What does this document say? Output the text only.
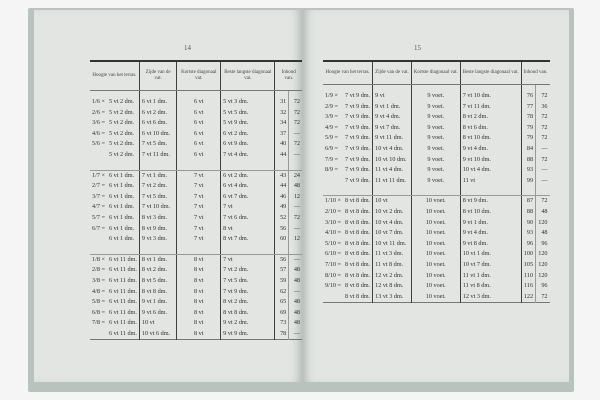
14
Hoogte van het terras.		Zijde van de vat.	Kortste diagonaal vat.	Beste langste diagonaal vat.	Inhoud van.	

1/6 ×	5 vt 2 dm.	6 vt 1 dm.	6 vt	5 vt 3 dm.	31	72
2/6 =	5 vt 2 dm.	6 vt 2 dm.	6 vt	5 vt 5 dm.	32	72
3/6 =	5 vt 2 dm.	6 vt 6 dm.	6 vt	5 vt 9 dm.	34	72
4/6 =	5 vt 2 dm.	6 vt 10 dm.	6 vt	6 vt 2 dm.	37	—
5/6 =	5 vt 2 dm.	7 vt 5 dm.	6 vt	6 vt 9 dm.	40	72
	5 vt 2 dm.	7 vt 11 dm.	6 vt	7 vt 4 dm.	44	—

1/7 ×	6 vt 1 dm.	7 vt 1 dm.	7 vt	6 vt 2 dm.	43	24
2/7 =	6 vt 1 dm.	7 vt 2 dm.	7 vt	6 vt 4 dm.	44	48
3/7 =	6 vt 1 dm.	7 vt 5 dm.	7 vt	6 vt 7 dm.	46	12
4/7 =	6 vt 1 dm.	7 vt 10 dm.	7 vt	7 vt	49	—
5/7 =	6 vt 1 dm.	8 vt 3 dm.	7 vt	7 vt 6 dm.	52	72
6/7 =	6 vt 1 dm.	8 vt 9 dm.	7 vt	8 vt	56	—
	6 vt 1 dm.	9 vt 3 dm.	7 vt	8 vt 7 dm.	60	12

1/8 ×	6 vt 11 dm.	8 vt 1 dm.	8 vt	7 vt	56	—
2/8 =	6 vt 11 dm.	8 vt 2 dm.	8 vt	7 vt 2 dm.	57	48
3/8 =	6 vt 11 dm.	8 vt 5 dm.	8 vt	7 vt 5 dm.	59	48
4/8 =	6 vt 11 dm.	8 vt 8 dm.	8 vt	7 vt 9 dm.	62	—
5/8 =	6 vt 11 dm.	9 vt 1 dm.	8 vt	8 vt 2 dm.	65	48
6/8 =	6 vt 11 dm.	9 vt 6 dm.	8 vt	8 vt 8 dm.	69	48
7/8 =	6 vt 11 dm.	10 vt	8 vt	9 vt 2 dm.	73	48
	6 vt 11 dm.	10 vt 6 dm.	8 vt	9 vt 9 dm.	78	—
15
Hoogte van het terras.		Zijde van de vat.	Kortste diagonaal vat.	Beste langste diagonaal vat.	Inhoud van.	

1/9 ×	7 vt 9 dm.	9 vt	9 voet.	7 vt 10 dm.	76	72
2/9 =	7 vt 9 dm.	9 vt 1 dm.	9 voet.	7 vt 11 dm.	77	36
3/9 =	7 vt 9 dm.	9 vt 4 dm.	9 voet.	8 vt 2 dm.	78	72
4/9 =	7 vt 9 dm.	9 vt 7 dm.	9 voet.	8 vt 6 dm.	79	72
5/9 =	7 vt 9 dm.	9 vt 11 dm.	9 voet.	8 vt 10 dm.	79	72
6/9 =	7 vt 9 dm.	10 vt 4 dm.	9 voet.	9 vt 4 dm.	84	—
7/9 =	7 vt 9 dm.	10 vt 10 dm.	9 voet.	9 vt 10 dm.	88	72
8/9 =	7 vt 9 dm.	11 vt 4 dm.	9 voet.	10 vt 4 dm.	93	—
	7 vt 9 dm.	11 vt 11 dm.	9 voet.	11 vt	99	—

1/10 ×	8 vt 8 dm.	10 vt	10 voet.	8 vt 9 dm.	87	72
2/10 =	8 vt 8 dm.	10 vt 2 dm.	10 voet.	8 vt 10 dm.	88	48
3/10 =	8 vt 8 dm.	10 vt 4 dm.	10 voet.	9 vt 1 dm.	90	120
4/10 =	8 vt 8 dm.	10 vt 7 dm.	10 voet.	9 vt 4 dm.	93	48
5/10 =	8 vt 8 dm.	10 vt 11 dm.	10 voet.	9 vt 8 dm.	96	96
6/10 =	8 vt 8 dm.	11 vt 3 dm.	10 voet.	10 vt 1 dm.	100	120
7/10 =	8 vt 8 dm.	11 vt 8 dm.	10 voet.	10 vt 7 dm.	105	120
8/10 =	8 vt 8 dm.	12 vt 2 dm.	10 voet.	11 vt 1 dm.	110	120
9/10 =	8 vt 8 dm.	12 vt 8 dm.	10 voet.	11 vt 8 dm.	116	96
	8 vt 8 dm.	13 vt 3 dm.	10 voet.	12 vt 3 dm.	122	72
